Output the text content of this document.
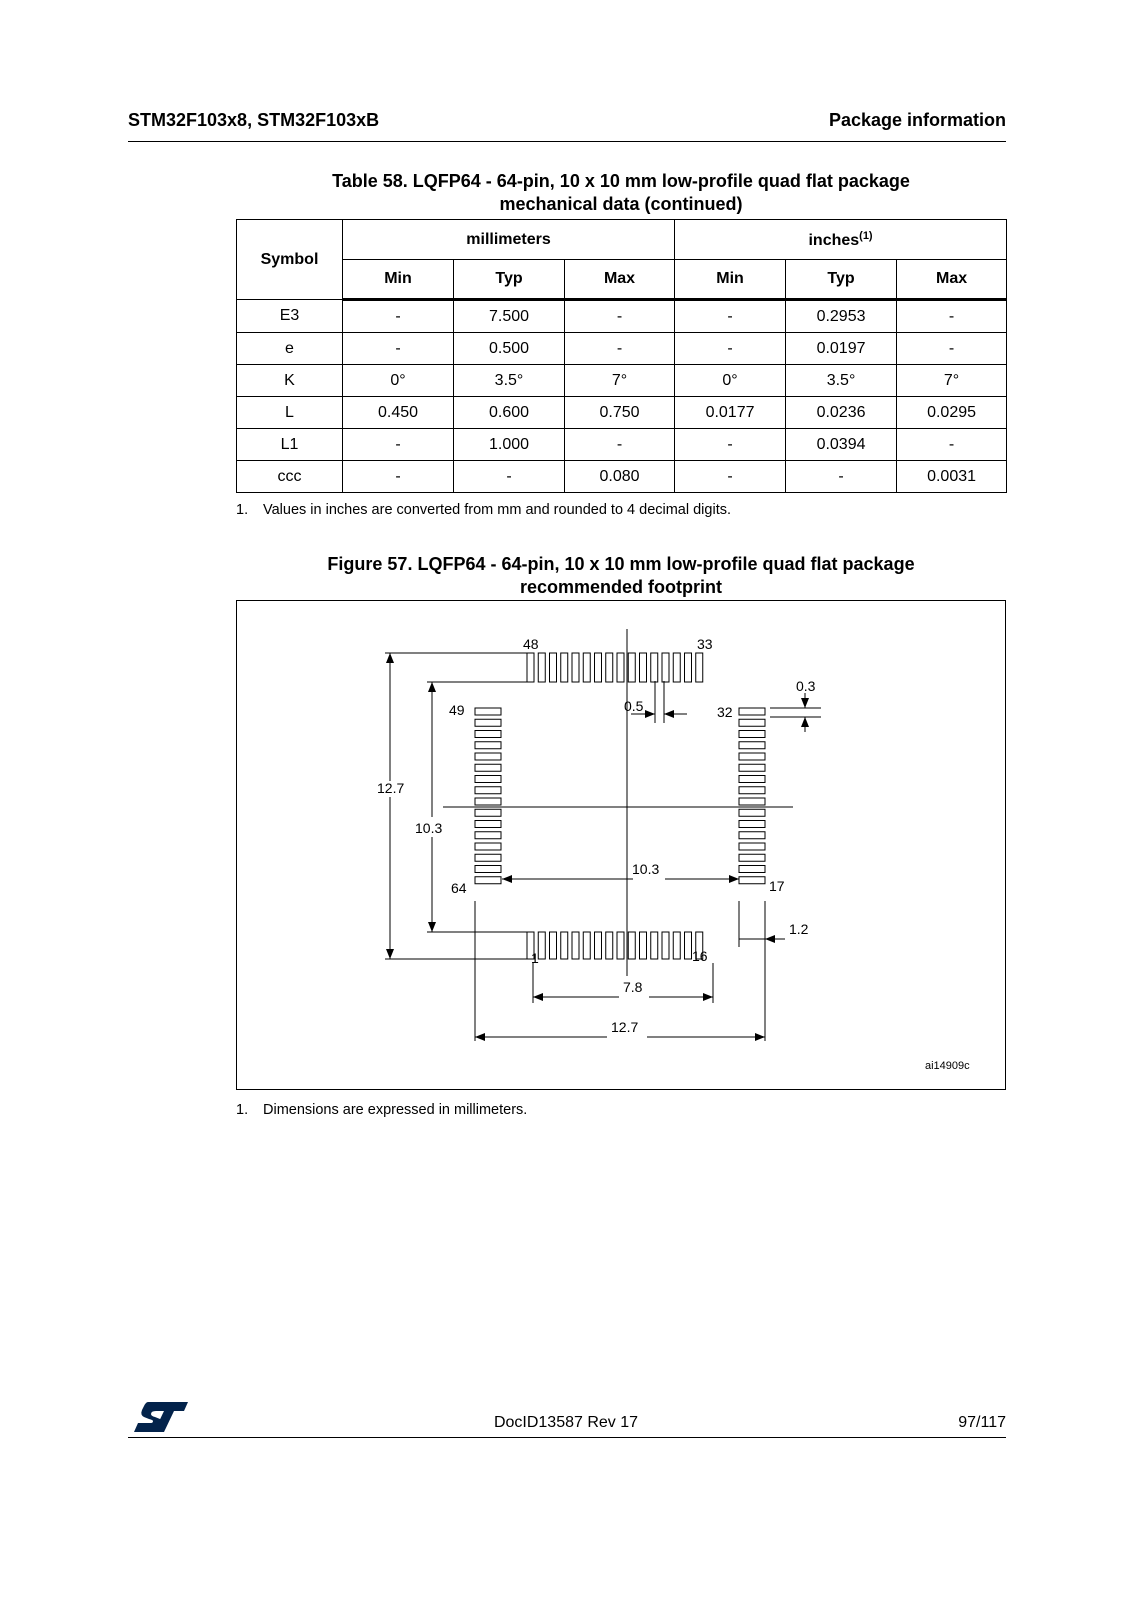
STM32F103x8, STM32F103xB	Package information
Table 58. LQFP64 - 64-pin, 10 x 10 mm low-profile quad flat package
mechanical data (continued)
Symbol	millimeters			inches$^{(1)}$
	Min	Typ	Max	Min	Typ	Max
E3	-	7.500	-	-	0.2953	-
e	-	0.500	-	-	0.0197	-
K	0°	3.5°	7°	0°	3.5°	7°
L	0.450	0.600	0.750	0.0177	0.0236	0.0295
L1	-	1.000	-	-	0.0394	-
ccc	-	-	0.080	-	-	0.0031
1. Values in inches are converted from mm and rounded to 4 decimal digits.
Figure 57. LQFP64 - 64-pin, 10 x 10 mm low-profile quad flat package
recommended footprint
48	33
49	32
64	17
1	16
0.3
0.5
12.7
10.3
10.3
1.2
7.8
12.7
ai14909c
1. Dimensions are expressed in millimeters.
DocID13587 Rev 17	97/117
